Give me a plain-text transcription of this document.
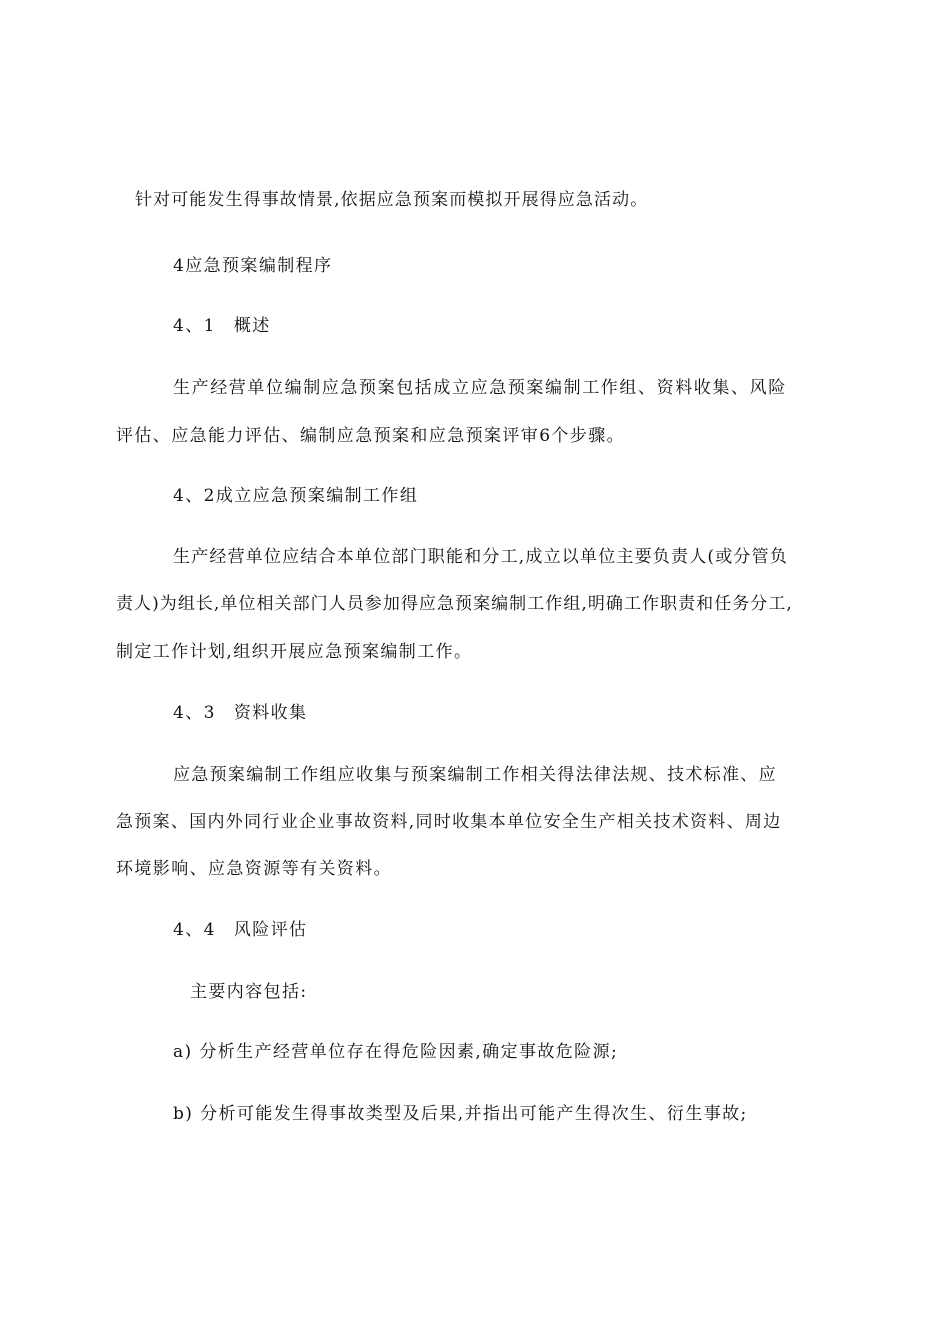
针对可能发生得事故情景,依据应急预案而模拟开展得应急活动。
4应急预案编制程序
4、1 概述
生产经营单位编制应急预案包括成立应急预案编制工作组、资料收集、风险
评估、应急能力评估、编制应急预案和应急预案评审6个步骤。
4、2成立应急预案编制工作组
生产经营单位应结合本单位部门职能和分工,成立以单位主要负责人(或分管负
责人)为组长,单位相关部门人员参加得应急预案编制工作组,明确工作职责和任务分工,
制定工作计划,组织开展应急预案编制工作。
4、3 资料收集
应急预案编制工作组应收集与预案编制工作相关得法律法规、技术标准、应
急预案、国内外同行业企业事故资料,同时收集本单位安全生产相关技术资料、周边
环境影响、应急资源等有关资料。
4、4 风险评估
主要内容包括:
a) 分析生产经营单位存在得危险因素,确定事故危险源;
b) 分析可能发生得事故类型及后果,并指出可能产生得次生、衍生事故;
